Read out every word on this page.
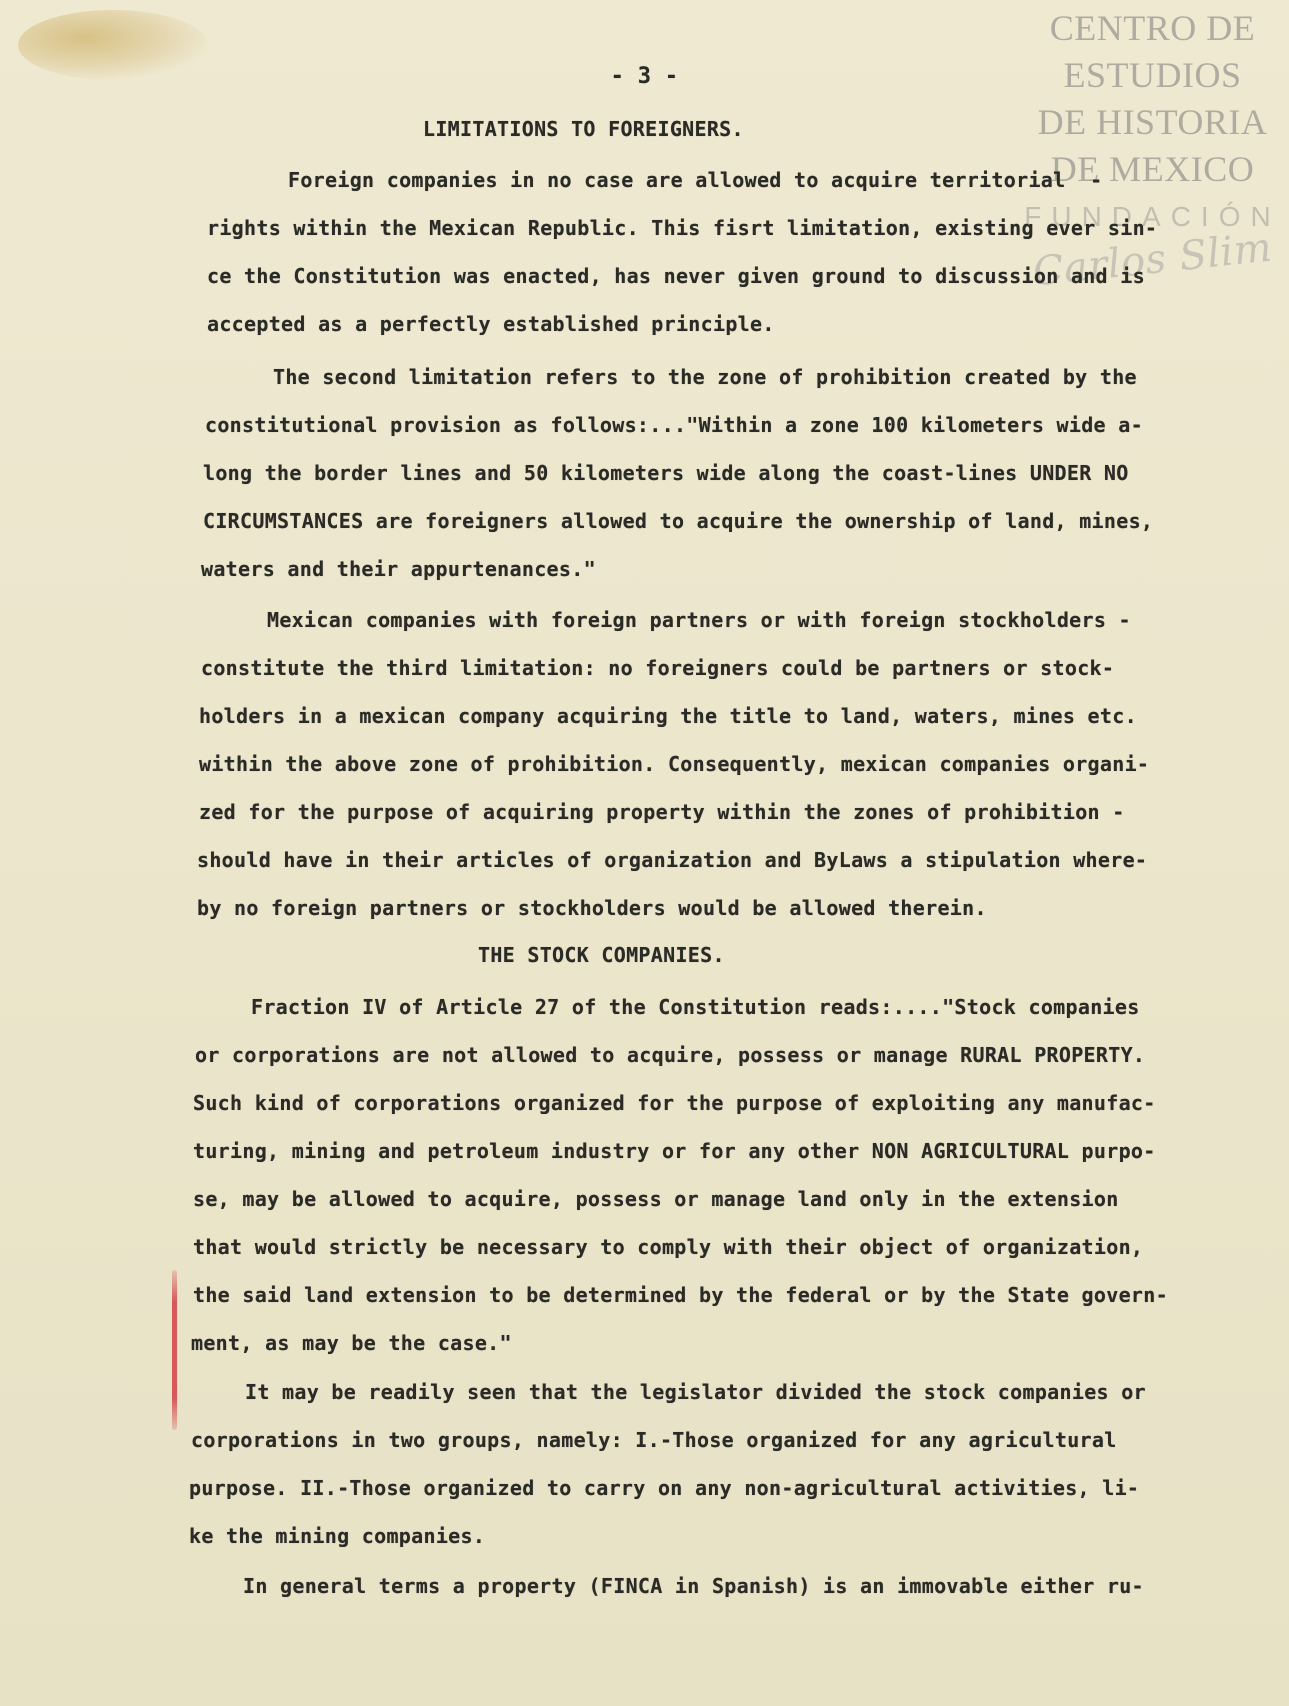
CENTRO DE
ESTUDIOS
DE HISTORIA
DE MEXICO
FUNDACIÓN
Carlos Slim
- 3 -
LIMITATIONS TO FOREIGNERS.
Foreign companies in no case are allowed to acquire territorial  -
rights within the Mexican Republic. This fisrt limitation, existing ever sin-
ce the Constitution was enacted, has never given ground to discussion and is
accepted as a perfectly established principle.
The second limitation refers to the zone of prohibition created by the
constitutional provision as follows:..."Within a zone 100 kilometers wide a-
long the border lines and 50 kilometers wide along the coast-lines UNDER NO
CIRCUMSTANCES are foreigners allowed to acquire the ownership of land, mines,
waters and their appurtenances."
Mexican companies with foreign partners or with foreign stockholders -
constitute the third limitation: no foreigners could be partners or stock-
holders in a mexican company acquiring the title to land, waters, mines etc.
within the above zone of prohibition. Consequently, mexican companies organi-
zed for the purpose of acquiring property within the zones of prohibition -
should have in their articles of organization and ByLaws a stipulation where-
by no foreign partners or stockholders would be allowed therein.
THE STOCK COMPANIES.
Fraction IV of Article 27 of the Constitution reads:...."Stock companies
or corporations are not allowed to acquire, possess or manage RURAL PROPERTY.
Such kind of corporations organized for the purpose of exploiting any manufac-
turing, mining and petroleum industry or for any other NON AGRICULTURAL purpo-
se, may be allowed to acquire, possess or manage land only in the extension
that would strictly be necessary to comply with their object of organization,
the said land extension to be determined by the federal or by the State govern-
ment, as may be the case."
It may be readily seen that the legislator divided the stock companies or
corporations in two groups, namely: I.-Those organized for any agricultural
purpose. II.-Those organized to carry on any non-agricultural activities, li-
ke the mining companies.
In general terms a property (FINCA in Spanish) is an immovable either ru-
